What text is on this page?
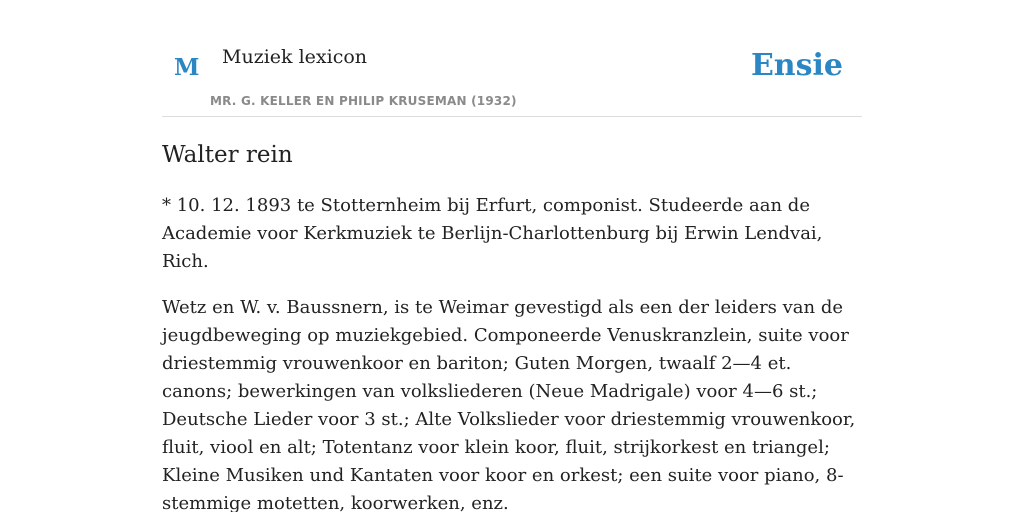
M Muziek lexicon
MR. G. KELLER EN PHILIP KRUSEMAN (1932)
Ensie
Walter rein

* 10. 12. 1893 te Stotternheim bij Erfurt, componist. Studeerde aan de Academie voor Kerkmuziek te Berlijn-Charlottenburg bij Erwin Lendvai, Rich.

Wetz en W. v. Baussnern, is te Weimar gevestigd als een der leiders van de jeugdbeweging op muziekgebied. Componeerde Venuskranzlein, suite voor driestemmig vrouwenkoor en bariton; Guten Morgen, twaalf 2—4 et. canons; bewerkingen van volksliederen (Neue Madrigale) voor 4—6 st.; Deutsche Lieder voor 3 st.; Alte Volkslieder voor driestemmig vrouwenkoor, fluit, viool en alt; Totentanz voor klein koor, fluit, strijkorkest en triangel; Kleine Musiken und Kantaten voor koor en orkest; een suite voor piano, 8-stemmige motetten, koorwerken, enz.
